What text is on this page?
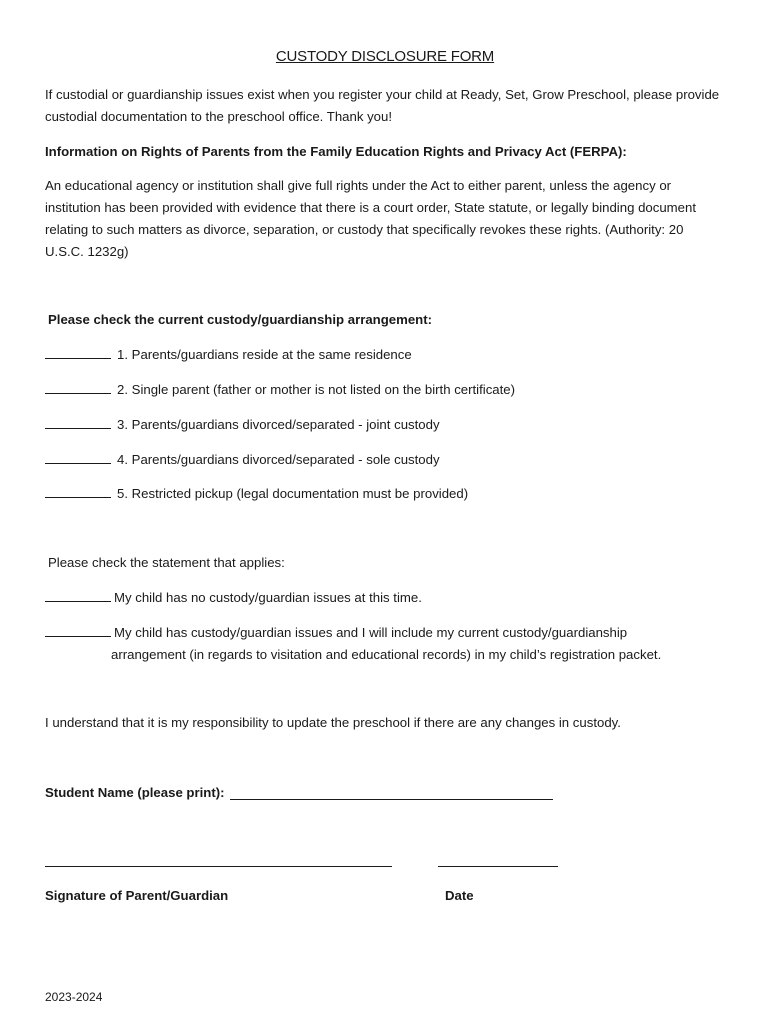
CUSTODY DISCLOSURE FORM
If custodial or guardianship issues exist when you register your child at Ready, Set, Grow Preschool, please provide custodial documentation to the preschool office. Thank you!
Information on Rights of Parents from the Family Education Rights and Privacy Act (FERPA):
An educational agency or institution shall give full rights under the Act to either parent, unless the agency or institution has been provided with evidence that there is a court order, State statute, or legally binding document relating to such matters as divorce, separation, or custody that specifically revokes these rights. (Authority: 20 U.S.C. 1232g)
Please check the current custody/guardianship arrangement:
1. Parents/guardians reside at the same residence
2. Single parent (father or mother is not listed on the birth certificate)
3. Parents/guardians divorced/separated - joint custody
4. Parents/guardians divorced/separated - sole custody
5. Restricted pickup (legal documentation must be provided)
Please check the statement that applies:
My child has no custody/guardian issues at this time.
My child has custody/guardian issues and I will include my current custody/guardianship
arrangement (in regards to visitation and educational records) in my child’s registration packet.
I understand that it is my responsibility to update the preschool if there are any changes in custody.
Student Name (please print):
Signature of Parent/Guardian	Date
2023-2024
